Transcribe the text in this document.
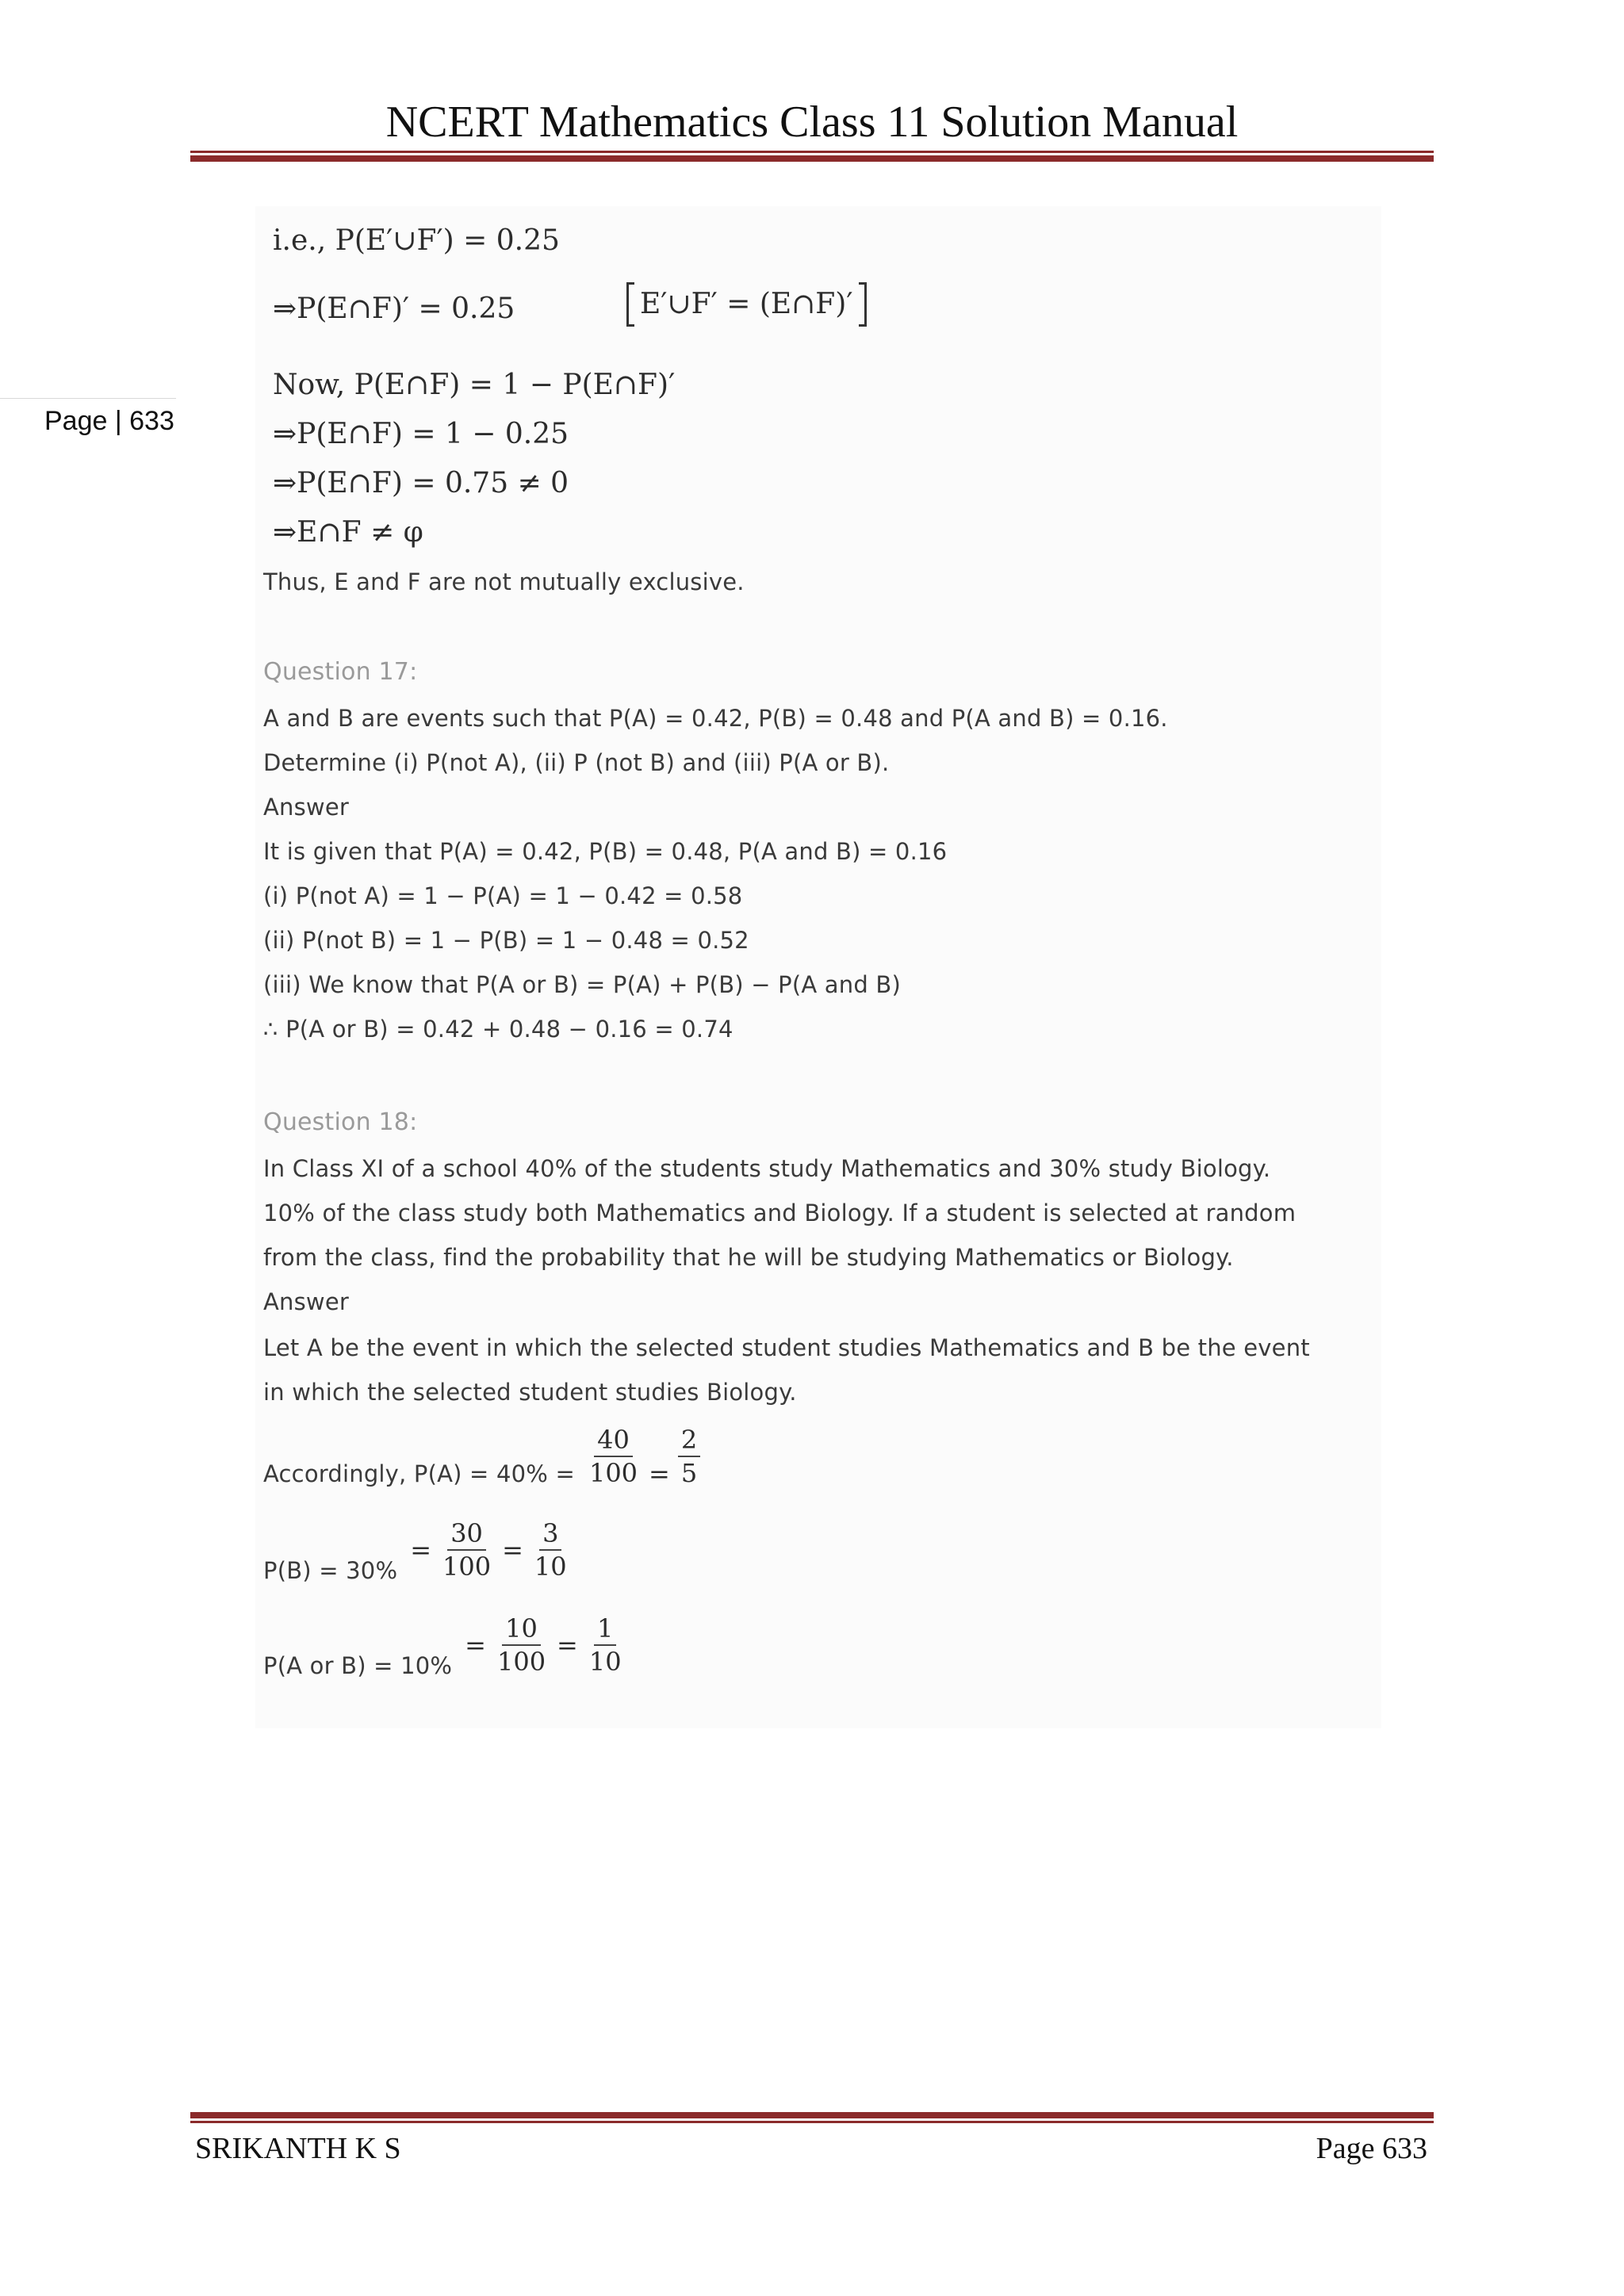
NCERT Mathematics Class 11 Solution Manual
Page | 633
i.e., P(E′∪F′) = 0.25
⇒P(E∩F)′ = 0.25	E′∪F′ = (E∩F)′
Now, P(E∩F) = 1 − P(E∩F)′
⇒P(E∩F) = 1 − 0.25
⇒P(E∩F) = 0.75 ≠ 0
⇒E∩F ≠ φ
Thus, E and F are not mutually exclusive.
Question 17:
A and B are events such that P(A) = 0.42, P(B) = 0.48 and P(A and B) = 0.16.
Determine (i) P(not A), (ii) P (not B) and (iii) P(A or B).
Answer
It is given that P(A) = 0.42, P(B) = 0.48, P(A and B) = 0.16
(i) P(not A) = 1 − P(A) = 1 − 0.42 = 0.58
(ii) P(not B) = 1 − P(B) = 1 − 0.48 = 0.52
(iii) We know that P(A or B) = P(A) + P(B) − P(A and B)
∴ P(A or B) = 0.42 + 0.48 − 0.16 = 0.74
Question 18:
In Class XI of a school 40% of the students study Mathematics and 30% study Biology.
10% of the class study both Mathematics and Biology. If a student is selected at random
from the class, find the probability that he will be studying Mathematics or Biology.
Answer
Let A be the event in which the selected student studies Mathematics and B be the event
in which the selected student studies Biology.
Accordingly, $P(A) = 40\% = \frac{40}{100} = \frac{2}{5}$
P(B) = 30%
= $\frac{30}{100} = \frac{3}{10}$
P(A or B) = 10%
= $\frac{10}{100} = \frac{1}{10}$
SRIKANTH K S	Page 633
